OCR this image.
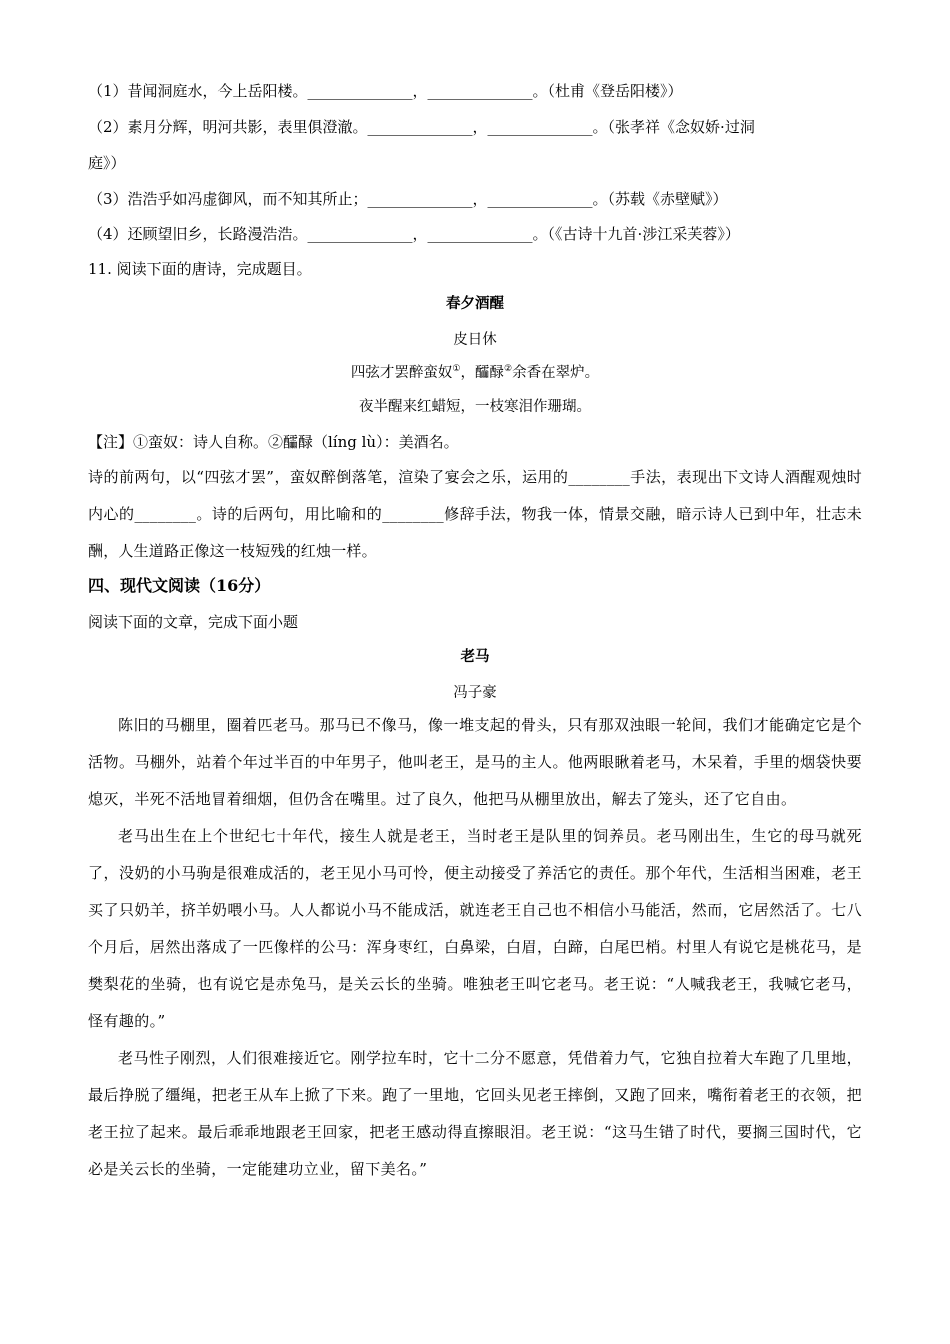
（1）昔闻洞庭水，今上岳阳楼。______________，______________。（杜甫《登岳阳楼》）
（2）素月分辉，明河共影，表里俱澄澈。______________，______________。（张孝祥《念奴娇·过洞
庭》）
（3）浩浩乎如冯虚御风，而不知其所止；______________，______________。（苏载《赤壁赋》）
（4）还顾望旧乡，长路漫浩浩。______________，______________。（《古诗十九首·涉江采芙蓉》）
11. 阅读下面的唐诗，完成题目。
春夕酒醒
皮日休
四弦才罢醉蛮奴①，醽醁②余香在翠炉。
夜半醒来红蜡短，一枝寒泪作珊瑚。
【注】①蛮奴：诗人自称。②醽醁（líng lù）：美酒名。
诗的前两句，以“四弦才罢”，蛮奴醉倒落笔，渲染了宴会之乐，运用的________手法，表现出下文诗人酒醒观烛时内心的________。诗的后两句，用比喻和的________修辞手法，物我一体，情景交融，暗示诗人已到中年，壮志未酬，人生道路正像这一枝短残的红烛一样。
四、现代文阅读（16分）
阅读下面的文章，完成下面小题
老马
冯子豪

陈旧的马棚里，圈着匹老马。那马已不像马，像一堆支起的骨头，只有那双浊眼一轮间，我们才能确定它是个活物。马棚外，站着个年过半百的中年男子，他叫老王，是马的主人。他两眼瞅着老马，木呆着，手里的烟袋快要熄灭，半死不活地冒着细烟，但仍含在嘴里。过了良久，他把马从棚里放出，解去了笼头，还了它自由。

老马出生在上个世纪七十年代，接生人就是老王，当时老王是队里的饲养员。老马刚出生，生它的母马就死了，没奶的小马驹是很难成活的，老王见小马可怜，便主动接受了养活它的责任。那个年代，生活相当困难，老王买了只奶羊，挤羊奶喂小马。人人都说小马不能成活，就连老王自己也不相信小马能活，然而，它居然活了。七八个月后，居然出落成了一匹像样的公马：浑身枣红，白鼻梁，白眉，白蹄，白尾巴梢。村里人有说它是桃花马，是樊梨花的坐骑，也有说它是赤兔马，是关云长的坐骑。唯独老王叫它老马。老王说：“人喊我老王，我喊它老马，怪有趣的。”

老马性子刚烈，人们很难接近它。刚学拉车时，它十二分不愿意，凭借着力气，它独自拉着大车跑了几里地，最后挣脱了缰绳，把老王从车上掀了下来。跑了一里地，它回头见老王摔倒，又跑了回来，嘴衔着老王的衣领，把老王拉了起来。最后乖乖地跟老王回家，把老王感动得直擦眼泪。老王说：“这马生错了时代，要搁三国时代，它必是关云长的坐骑，一定能建功立业，留下美名。”
